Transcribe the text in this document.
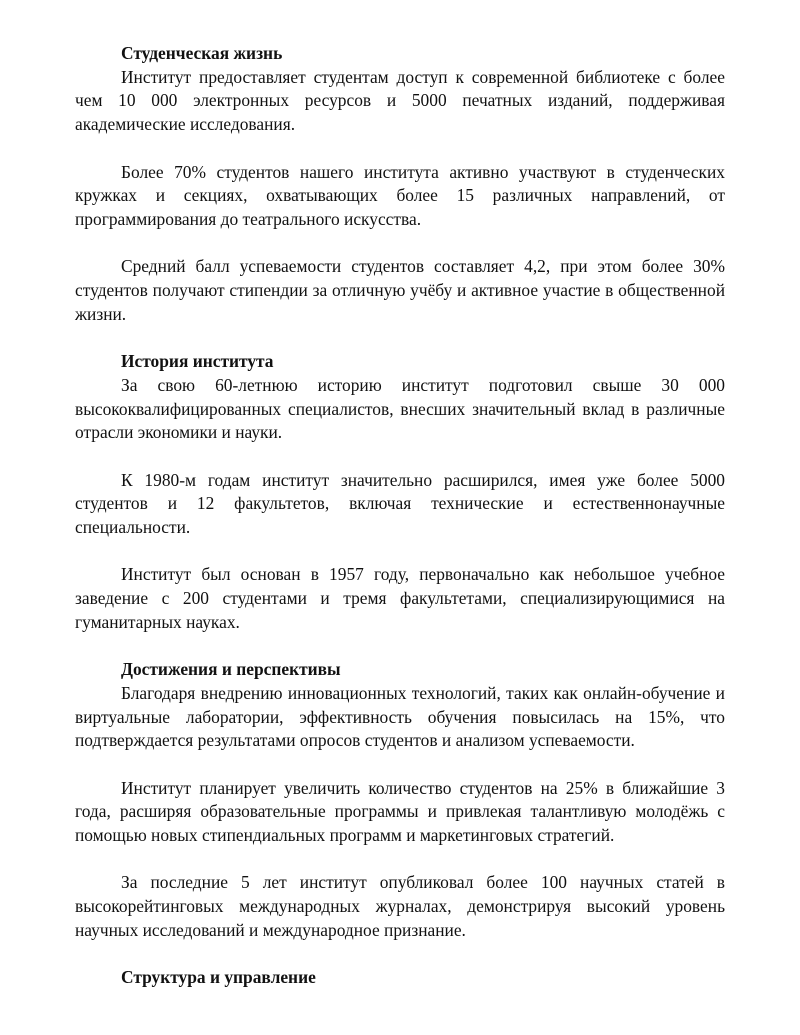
Студенческая жизнь

Институт предоставляет студентам доступ к современной библиотеке с более чем 10 000 электронных ресурсов и 5000 печатных изданий, поддерживая академические исследования.

Более 70% студентов нашего института активно участвуют в студенческих кружках и секциях, охватывающих более 15 различных направлений, от программирования до театрального искусства.

Средний балл успеваемости студентов составляет 4,2, при этом более 30% студентов получают стипендии за отличную учёбу и активное участие в общественной жизни.

История института

За свою 60-летнюю историю институт подготовил свыше 30 000 высококвалифицированных специалистов, внесших значительный вклад в различные отрасли экономики и науки.

К 1980-м годам институт значительно расширился, имея уже более 5000 студентов и 12 факультетов, включая технические и естественнонаучные специальности.

Институт был основан в 1957 году, первоначально как небольшое учебное заведение с 200 студентами и тремя факультетами, специализирующимися на гуманитарных науках.

Достижения и перспективы

Благодаря внедрению инновационных технологий, таких как онлайн-обучение и виртуальные лаборатории, эффективность обучения повысилась на 15%, что подтверждается результатами опросов студентов и анализом успеваемости.

Институт планирует увеличить количество студентов на 25% в ближайшие 3 года, расширяя образовательные программы и привлекая талантливую молодёжь с помощью новых стипендиальных программ и маркетинговых стратегий.

За последние 5 лет институт опубликовал более 100 научных статей в высокорейтинговых международных журналах, демонстрируя высокий уровень научных исследований и международное признание.

Структура и управление
